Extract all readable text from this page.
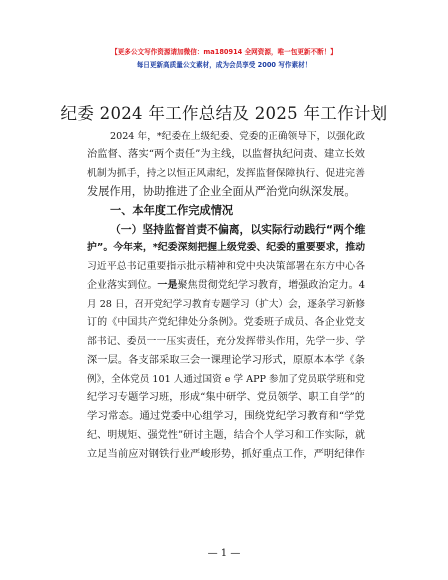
【更多公文写作资源请加微信：ma180914 全网资源，唯一包更新不断！】
每日更新高质量公文素材，成为会员享受 2000 写作素材！
纪委 2024 年工作总结及 2025 年工作计划
2024 年，*纪委在上级纪委、党委的正确领导下，以强化政
治监督、落实“两个责任”为主线，以监督执纪问责、建立长效
机制为抓手，持之以恒正风肃纪，发挥监督保障执行、促进完善
发展作用，协助推进了企业全面从严治党向纵深发展。
一、本年度工作完成情况
（一）坚持监督首责不偏离，以实际行动践行“两个维
护”。今年来，*纪委深刻把握上级党委、纪委的重要要求，推动
习近平总书记重要指示批示精神和党中央决策部署在东方中心各
企业落实到位。一是聚焦贯彻党纪学习教育，增强政治定力。4
月 28 日，召开党纪学习教育专题学习（扩大）会，逐条学习新修
订的《中国共产党纪律处分条例》。党委班子成员、各企业党支
部书记、委员一一压实责任，充分发挥带头作用，先学一步、学
深一层。各支部采取三会一课理论学习形式，原原本本学《条
例》，全体党员 101 人通过国资 e 学 APP 参加了党员联学班和党
纪学习专题学习班，形成“集中研学、党员领学、职工自学”的
学习常态。通过党委中心组学习，围绕党纪学习教育和“学党
纪、明规矩、强党性”研讨主题，结合个人学习和工作实际，就
立足当前应对钢铁行业严峻形势，抓好重点工作，严明纪律作
— 1 —
